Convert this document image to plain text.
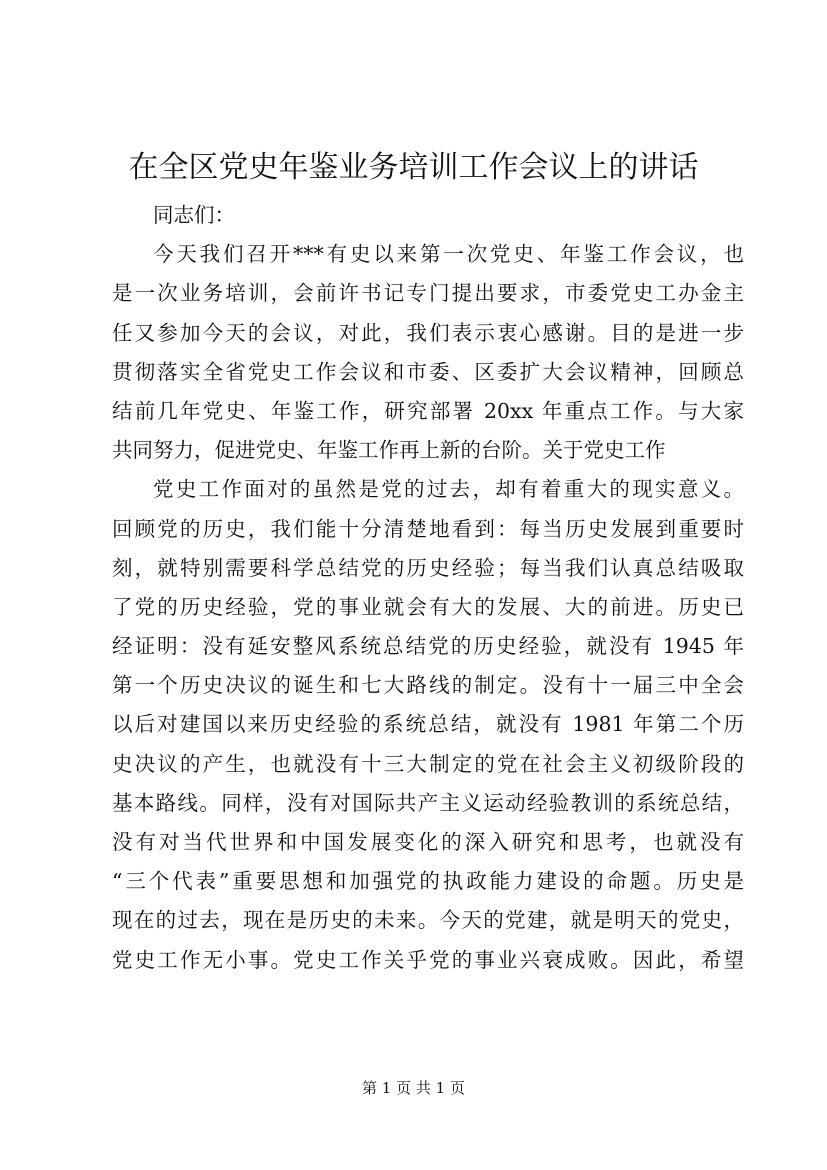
在全区党史年鉴业务培训工作会议上的讲话
同志们：
今天我们召开***有史以来第一次党史、年鉴工作会议，也
是一次业务培训，会前许书记专门提出要求，市委党史工办金主
任又参加今天的会议，对此，我们表示衷心感谢。目的是进一步
贯彻落实全省党史工作会议和市委、区委扩大会议精神，回顾总
结前几年党史、年鉴工作，研究部署 20xx 年重点工作。与大家
共同努力，促进党史、年鉴工作再上新的台阶。关于党史工作
党史工作面对的虽然是党的过去，却有着重大的现实意义。
回顾党的历史，我们能十分清楚地看到：每当历史发展到重要时
刻，就特别需要科学总结党的历史经验；每当我们认真总结吸取
了党的历史经验，党的事业就会有大的发展、大的前进。历史已
经证明：没有延安整风系统总结党的历史经验，就没有 1945 年
第一个历史决议的诞生和七大路线的制定。没有十一届三中全会
以后对建国以来历史经验的系统总结，就没有 1981 年第二个历
史决议的产生，也就没有十三大制定的党在社会主义初级阶段的
基本路线。同样，没有对国际共产主义运动经验教训的系统总结，
没有对当代世界和中国发展变化的深入研究和思考，也就没有
“三个代表”重要思想和加强党的执政能力建设的命题。历史是
现在的过去，现在是历史的未来。今天的党建，就是明天的党史，
党史工作无小事。党史工作关乎党的事业兴衰成败。因此，希望
第 1 页 共 1 页
